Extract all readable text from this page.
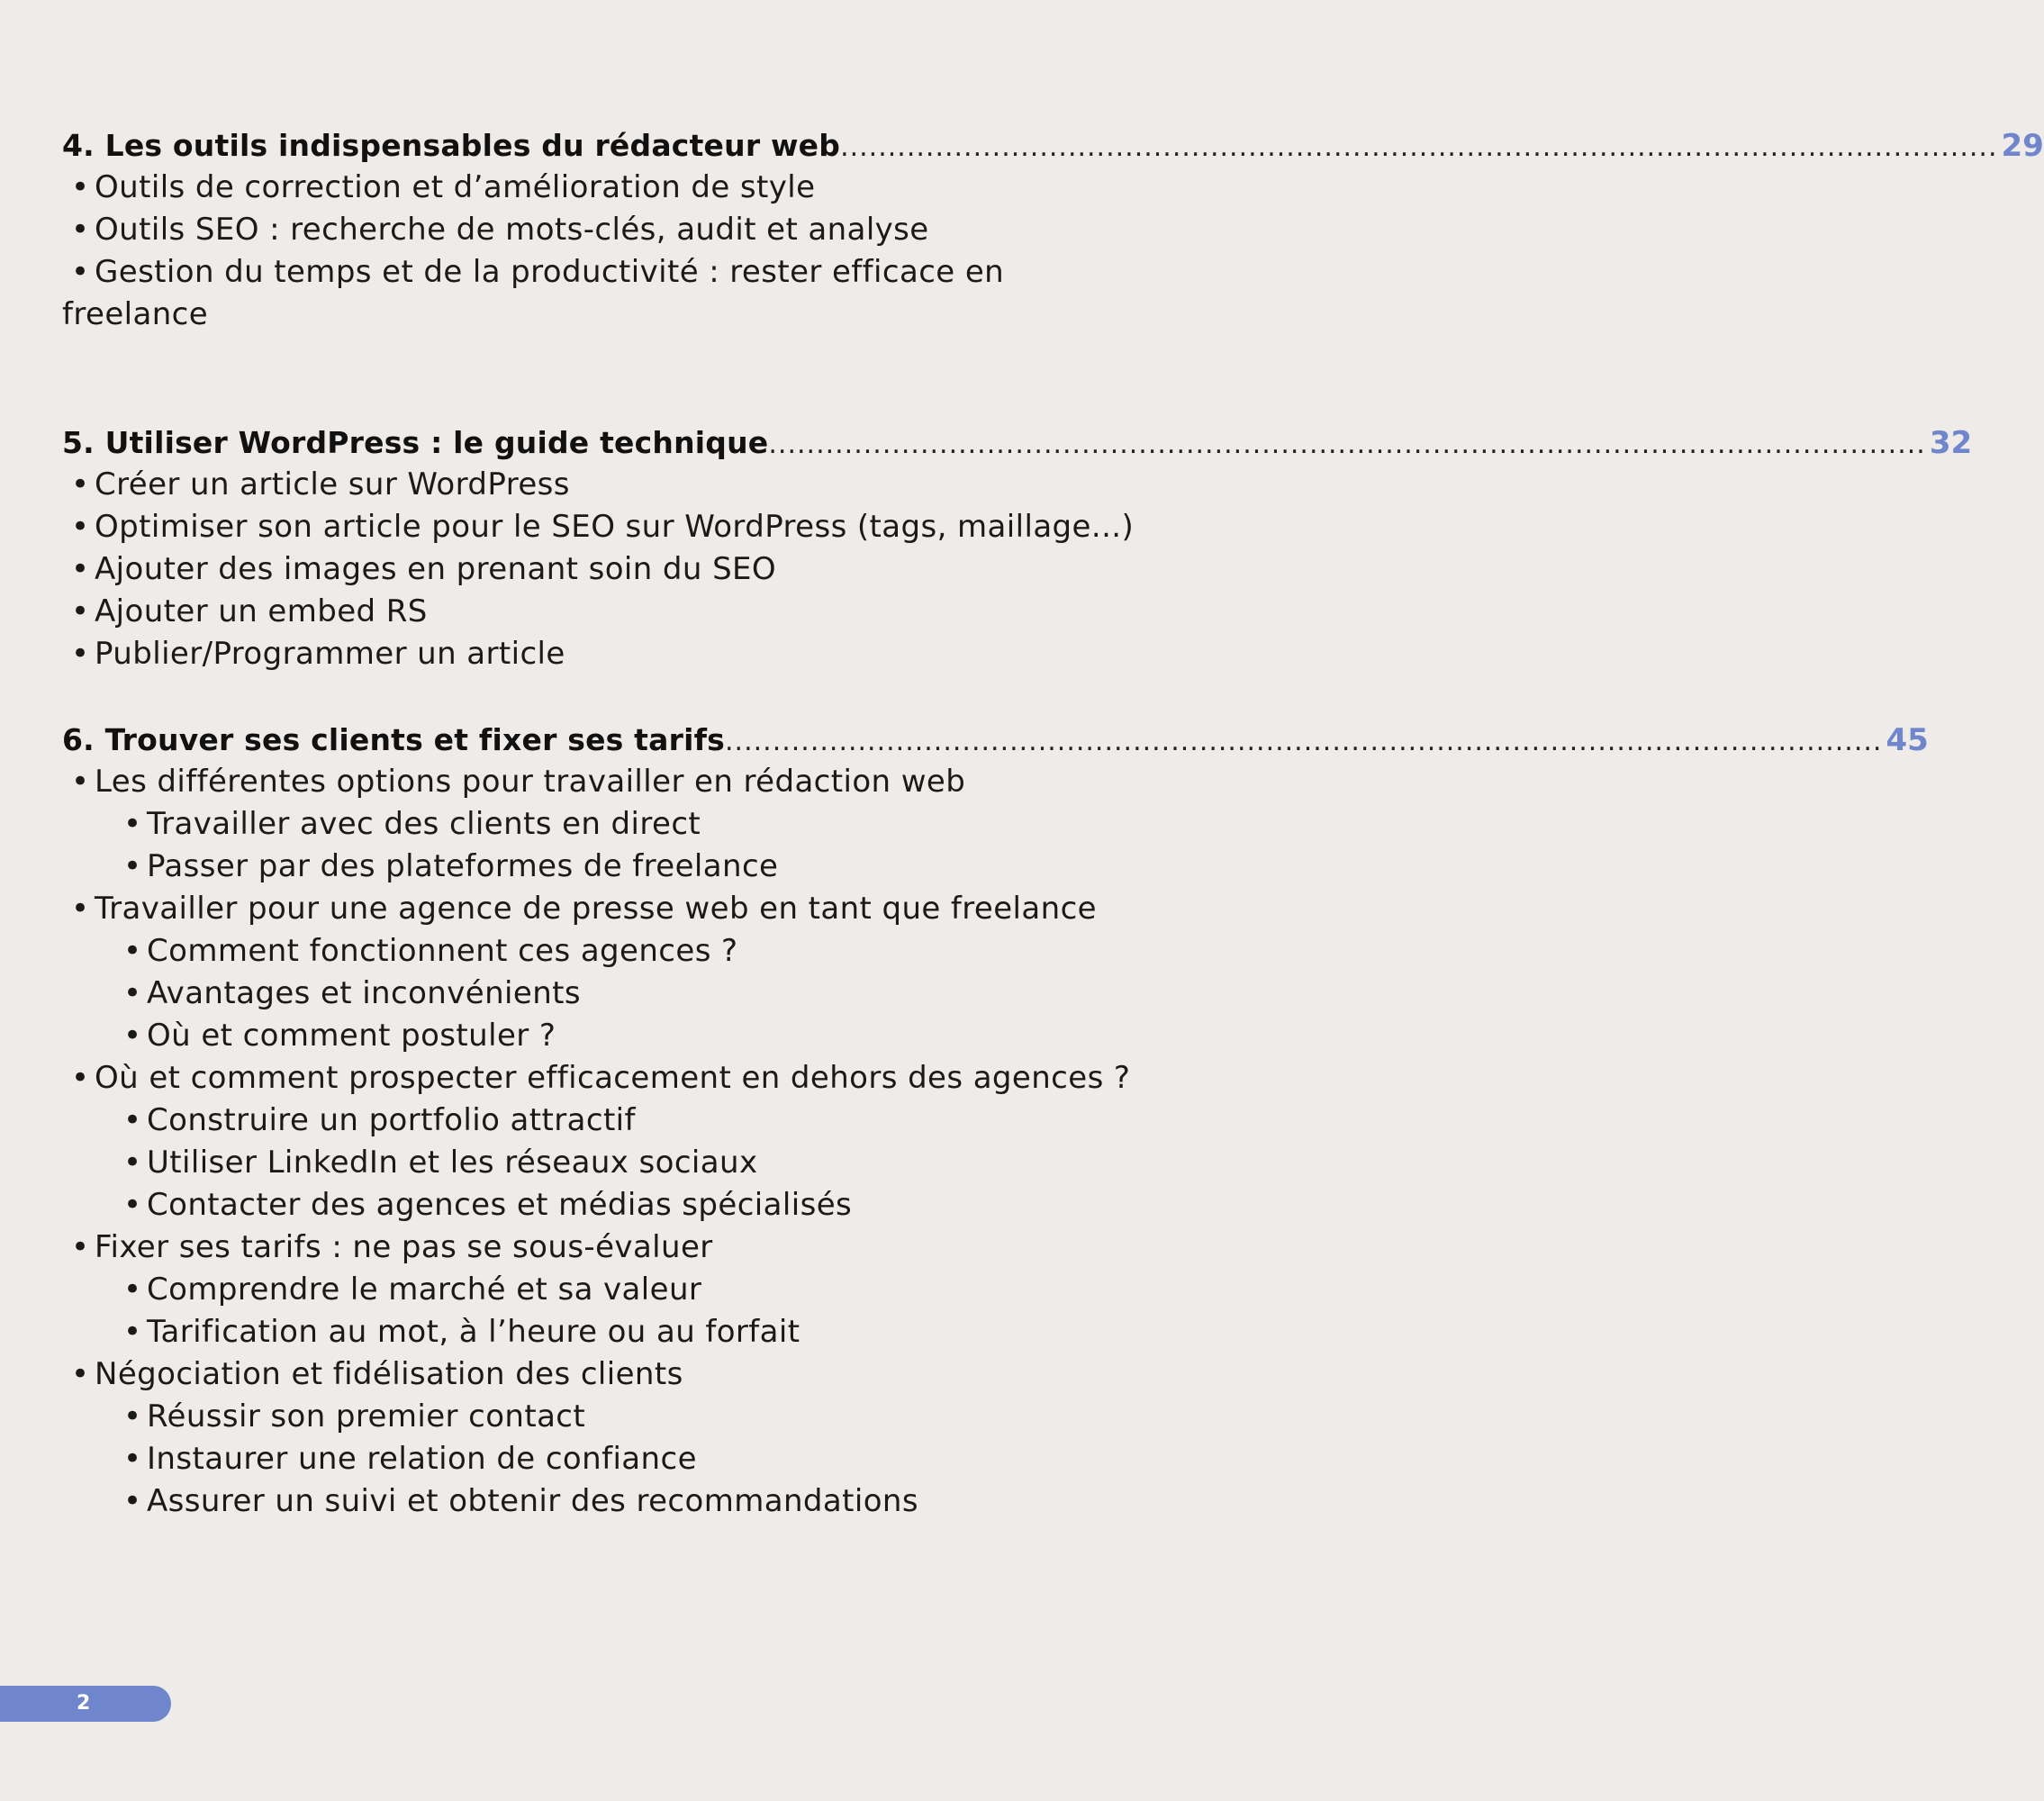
4. Les outils indispensables du rédacteur web .......................................................................................................................... 29
• Outils de correction et d’amélioration de style
• Outils SEO : recherche de mots-clés, audit et analyse
• Gestion du temps et de la productivité : rester efficace en freelance
5. Utiliser WordPress : le guide technique .......................................................................................................................... 32
• Créer un article sur WordPress
• Optimiser son article pour le SEO sur WordPress (tags, maillage...)
• Ajouter des images en prenant soin du SEO
• Ajouter un embed RS
• Publier/Programmer un article
6. Trouver ses clients et fixer ses tarifs .......................................................................................................................... 45
• Les différentes options pour travailler en rédaction web
• Travailler avec des clients en direct
• Passer par des plateformes de freelance
• Travailler pour une agence de presse web en tant que freelance
• Comment fonctionnent ces agences ?
• Avantages et inconvénients
• Où et comment postuler ?
• Où et comment prospecter efficacement en dehors des agences ?
• Construire un portfolio attractif
• Utiliser LinkedIn et les réseaux sociaux
• Contacter des agences et médias spécialisés
• Fixer ses tarifs : ne pas se sous-évaluer
• Comprendre le marché et sa valeur
• Tarification au mot, à l’heure ou au forfait
• Négociation et fidélisation des clients
• Réussir son premier contact
• Instaurer une relation de confiance
• Assurer un suivi et obtenir des recommandations
2
